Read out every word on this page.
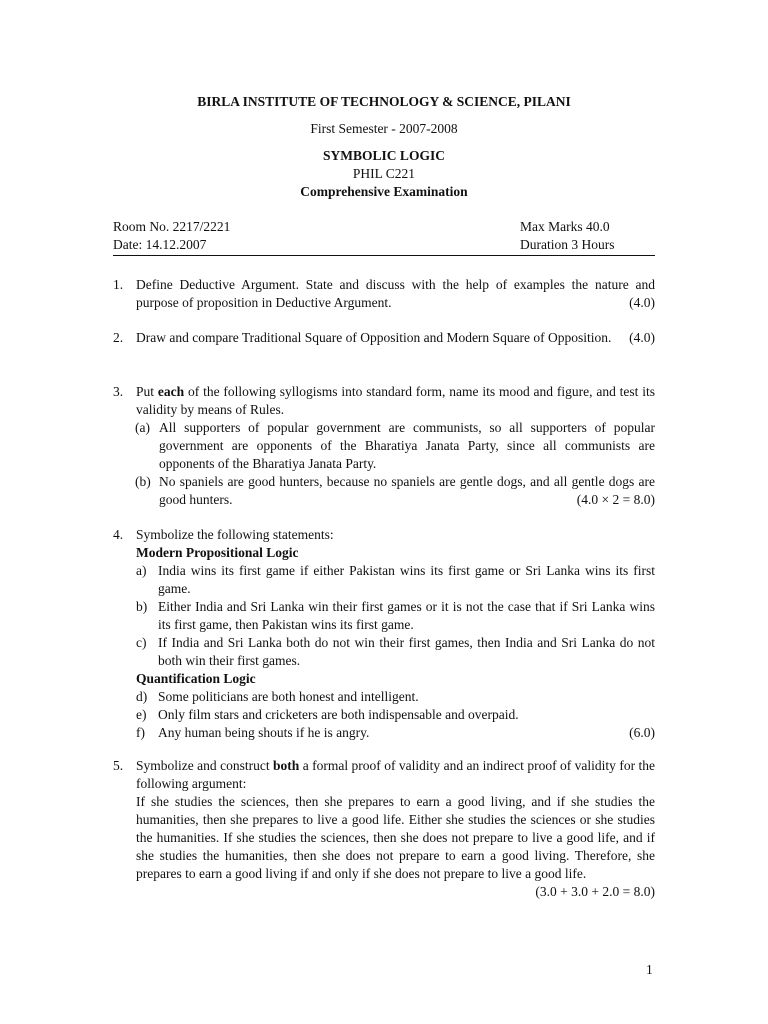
BIRLA INSTITUTE OF TECHNOLOGY & SCIENCE, PILANI
First Semester - 2007-2008
SYMBOLIC LOGIC
PHIL C221
Comprehensive Examination
Room No. 2217/2221	Max Marks 40.0
Date: 14.12.2007	Duration 3 Hours
1. Define Deductive Argument. State and discuss with the help of examples the nature and purpose of proposition in Deductive Argument.	(4.0)
2. Draw and compare Traditional Square of Opposition and Modern Square of Opposition. (4.0)
3. Put each of the following syllogisms into standard form, name its mood and figure, and test its validity by means of Rules.
(a) All supporters of popular government are communists, so all supporters of popular government are opponents of the Bharatiya Janata Party, since all communists are opponents of the Bharatiya Janata Party.
(b) No spaniels are good hunters, because no spaniels are gentle dogs, and all gentle dogs are good hunters.	(4.0 × 2 = 8.0)
4. Symbolize the following statements:
Modern Propositional Logic
a) India wins its first game if either Pakistan wins its first game or Sri Lanka wins its first game.
b) Either India and Sri Lanka win their first games or it is not the case that if Sri Lanka wins its first game, then Pakistan wins its first game.
c) If India and Sri Lanka both do not win their first games, then India and Sri Lanka do not both win their first games.
Quantification Logic
d) Some politicians are both honest and intelligent.
e) Only film stars and cricketers are both indispensable and overpaid.
f) Any human being shouts if he is angry.	(6.0)
5. Symbolize and construct both a formal proof of validity and an indirect proof of validity for the following argument:
If she studies the sciences, then she prepares to earn a good living, and if she studies the humanities, then she prepares to live a good life. Either she studies the sciences or she studies the humanities. If she studies the sciences, then she does not prepare to live a good life, and if she studies the humanities, then she does not prepare to earn a good living. Therefore, she prepares to earn a good living if and only if she does not prepare to live a good life.
(3.0 + 3.0 + 2.0 = 8.0)
1
